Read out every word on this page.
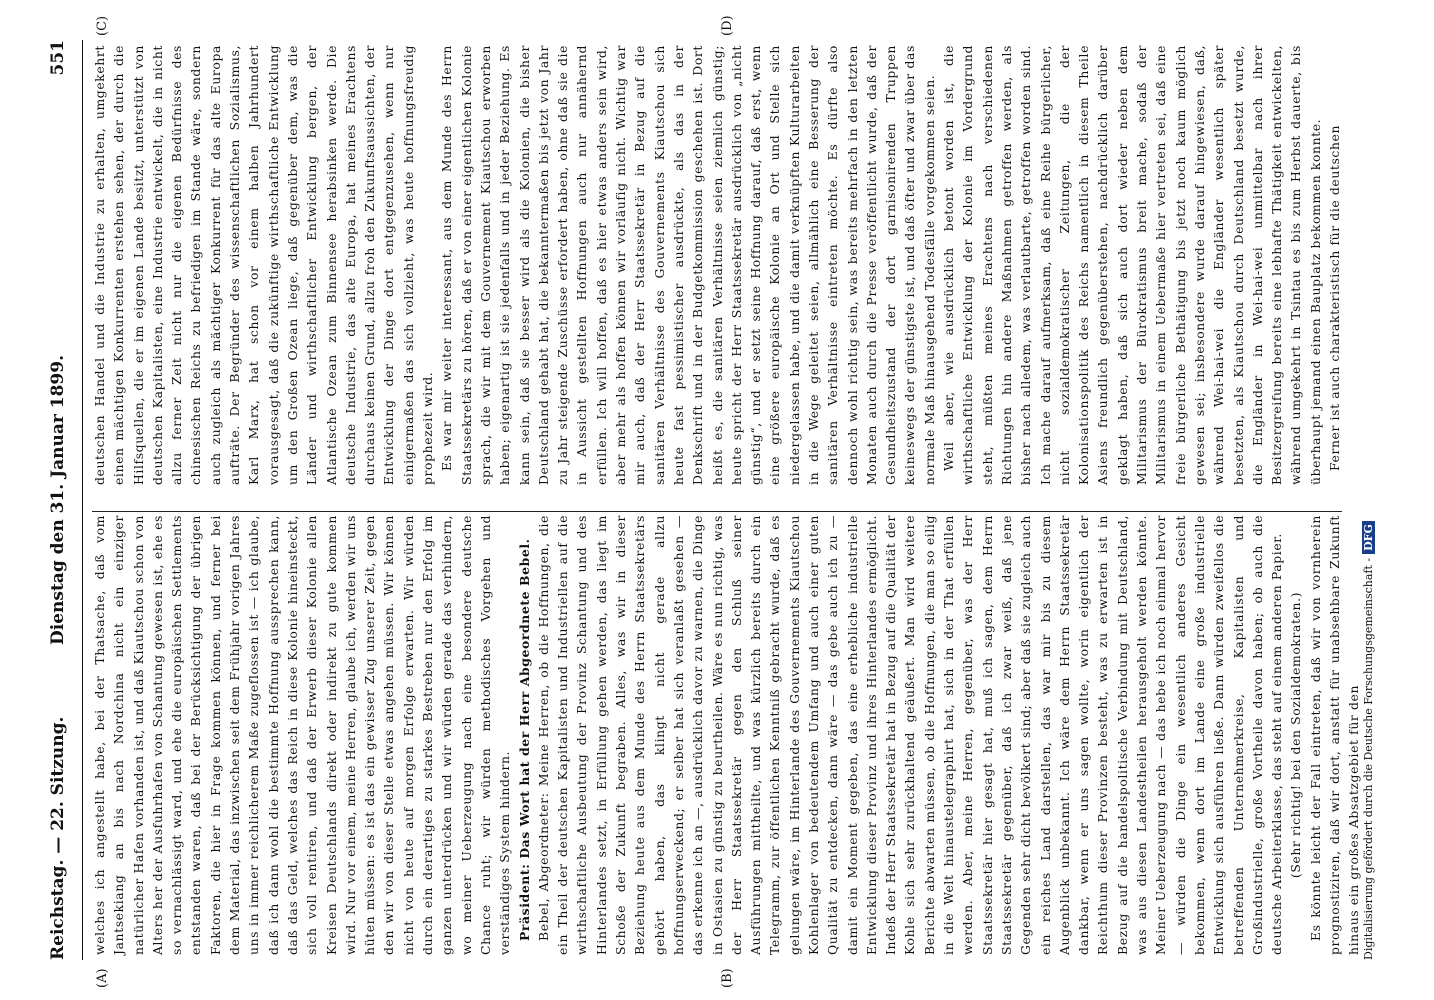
Reichstag. — 22. Sitzung.
Dienstag den 31. Januar 1899.
551
(A)	(B)
(C)	(D)

welches ich angestellt habe, bei der Thatsache, daß vom Jantsekiang an bis nach Nordchina nicht ein einziger natürlicher Hafen vorhanden ist, und daß Kiautschou schon von Alters her der Ausfuhrhafen von Schantung gewesen ist, ehe es so vernachlässigt ward, und ehe die europäischen Settlements entstanden waren, daß bei der Berücksichtigung der übrigen Faktoren, die hier in Frage kommen können, und ferner bei dem Material, das inzwischen seit dem Frühjahr vorigen Jahres uns in immer reichlicherem Maße zugeflossen ist — ich glaube, daß ich dann wohl die bestimmte Hoffnung aussprechen kann, daß das Geld, welches das Reich in diese Kolonie hineinsteckt, sich voll rentiren, und daß der Erwerb dieser Kolonie allen Kreisen Deutschlands direkt oder indirekt zu gute kommen wird. Nur vor einem, meine Herren, glaube ich, werden wir uns hüten müssen: es ist das ein gewisser Zug unserer Zeit, gegen den wir von dieser Stelle etwas angehen müssen. Wir können nicht von heute auf morgen Erfolge erwarten. Wir würden durch ein derartiges zu starkes Bestreben nur den Erfolg im ganzen unterdrücken und wir würden gerade das verhindern, wo meiner Ueberzeugung nach eine besondere deutsche Chance ruht; wir würden methodisches Vorgehen und verständiges System hindern. Präsident: Das Wort hat der Herr Abgeordnete Bebel. Bebel, Abgeordneter: Meine Herren, ob die Hoffnungen, die ein Theil der deutschen Kapitalisten und Industriellen auf die wirthschaftliche Ausbeutung der Provinz Schantung und des Hinterlandes setzt, in Erfüllung gehen werden, das liegt im Schoße der Zukunft begraben. Alles, was wir in dieser Beziehung heute aus dem Munde des Herrn Staatssekretärs gehört haben, das klingt nicht gerade allzu hoffnungserweckend; er selber hat sich veranlaßt gesehen — das erkenne ich an —, ausdrücklich davor zu warnen, die Dinge in Ostasien zu günstig zu beurtheilen. Wäre es nun richtig, was der Herr Staatssekretär gegen den Schluß seiner Ausführungen mittheilte, und was kürzlich bereits durch ein Telegramm, zur öffentlichen Kenntniß gebracht wurde, daß es gelungen wäre, im Hinterlande des Gouvernements Kiautschou Kohlenlager von bedeutendem Umfang und auch einer guten Qualität zu entdecken, dann wäre — das gebe auch ich zu — damit ein Moment gegeben, das eine erhebliche industrielle Entwicklung dieser Provinz und ihres Hinterlandes ermöglicht. Indeß der Herr Staatssekretär hat in Bezug auf die Qualität der Kohle sich sehr zurückhaltend geäußert. Man wird weitere Berichte abwarten müssen, ob die Hoffnungen, die man so eilig in die Welt hinaustelegraphirt hat, sich in der That erfüllen werden. Aber, meine Herren, gegenüber, was der Herr Staatssekretär hier gesagt hat, muß ich sagen, dem Herrn Staatssekretär gegenüber, daß ich zwar weiß, daß jene Gegenden sehr dicht bevölkert sind; aber daß sie zugleich auch ein reiches Land darstellen, das war mir bis zu diesem Augenblick unbekannt. Ich wäre dem Herrn Staatssekretär dankbar, wenn er uns sagen wollte, worin eigentlich der Reichthum dieser Provinzen besteht, was zu erwarten ist in Bezug auf die handelspolitische Verbindung mit Deutschland, was aus diesen Landestheilen herausgeholt werden könnte. Meiner Ueberzeugung nach — das hebe ich noch einmal hervor — würden die Dinge ein wesentlich anderes Gesicht bekommen, wenn dort im Lande eine große industrielle Entwicklung sich ausführen ließe. Dann würden zweifellos die betreffenden Unternehmerkreise, Kapitalisten und Großindustrielle, große Vortheile davon haben; ob auch die deutsche Arbeiterklasse, das steht auf einem anderen Papier. (Sehr richtig! bei den Sozialdemokraten.) Es könnte leicht der Fall eintreten, daß wir von vornherein prognostiziren, daß wir dort, anstatt für unabsehbare Zukunft hinaus ein großes Absatzgebiet für den

deutschen Handel und die Industrie zu erhalten, umgekehrt einen mächtigen Konkurrenten erstehen sehen, der durch die Hilfsquellen, die er im eigenen Lande besitzt, unterstützt von deutschen Kapitalisten, eine Industrie entwickelt, die in nicht allzu ferner Zeit nicht nur die eigenen Bedürfnisse des chinesischen Reichs zu befriedigen im Stande wäre, sondern auch zugleich als mächtiger Konkurrent für das alte Europa aufträte. Der Begründer des wissenschaftlichen Sozialismus, Karl Marx, hat schon vor einem halben Jahrhundert vorausgesagt, daß die zukünftige wirthschaftliche Entwicklung um den Großen Ozean liege, daß gegenüber dem, was die Länder und wirthschaftlicher Entwicklung bergen, der Atlantische Ozean zum Binnensee herabsinken werde. Die deutsche Industrie, das alte Europa, hat meines Erachtens durchaus keinen Grund, allzu froh den Zukunftsaussichten, der Entwicklung der Dinge dort entgegenzusehen, wenn nur einigermaßen das sich vollzieht, was heute hoffnungsfreudig prophezeit wird. Es war mir weiter interessant, aus dem Munde des Herrn Staatssekretärs zu hören, daß er von einer eigentlichen Kolonie sprach, die wir mit dem Gouvernement Kiautschou erworben haben; eigenartig ist sie jedenfalls und in jeder Beziehung. Es kann sein, daß sie besser wird als die Kolonien, die bisher Deutschland gehabt hat, die bekanntermaßen bis jetzt von Jahr zu Jahr steigende Zuschüsse erfordert haben, ohne daß sie die in Aussicht gestellten Hoffnungen auch nur annähernd erfüllen. Ich will hoffen, daß es hier etwas anders sein wird, aber mehr als hoffen können wir vorläufig nicht. Wichtig war mir auch, daß der Herr Staatssekretär in Bezug auf die sanitären Verhältnisse des Gouvernements Kiautschou sich heute fast pessimistischer ausdrückte, als das in der Denkschrift und in der Budgetkommission geschehen ist. Dort heißt es, die sanitären Verhältnisse seien ziemlich günstig; heute spricht der Herr Staatssekretär ausdrücklich von „nicht günstig“, und er setzt seine Hoffnung darauf, daß erst, wenn eine größere europäische Kolonie an Ort und Stelle sich niedergelassen habe, und die damit verknüpften Kulturarbeiten in die Wege geleitet seien, allmählich eine Besserung der sanitären Verhältnisse eintreten möchte. Es dürfte also dennoch wohl richtig sein, was bereits mehrfach in den letzten Monaten auch durch die Presse veröffentlicht wurde, daß der Gesundheitszustand der dort garnisonirenden Truppen keineswegs der günstigste ist, und daß öfter und zwar über das normale Maß hinausgehend Todesfälle vorgekommen seien. Weil aber, wie ausdrücklich betont worden ist, die wirthschaftliche Entwicklung der Kolonie im Vordergrund steht, müßten meines Erachtens nach verschiedenen Richtungen hin andere Maßnahmen getroffen werden, als bisher nach alledem, was verlautbarte, getroffen worden sind. Ich mache darauf aufmerksam, daß eine Reihe bürgerlicher, nicht sozialdemokratischer Zeitungen, die der Kolonisationspolitik des Reichs namentlich in diesem Theile Asiens freundlich gegenüberstehen, nachdrücklich darüber geklagt haben, daß sich auch dort wieder neben dem Militarismus der Bürokratismus breit mache, sodaß der Militarismus in einem Uebermaße hier vertreten sei, daß eine freie bürgerliche Bethätigung bis jetzt noch kaum möglich gewesen sei; insbesondere wurde darauf hingewiesen, daß, während Wei-hai-wei die Engländer wesentlich später besetzten, als Kiautschou durch Deutschland besetzt wurde, die Engländer in Wei-hai-wei unmittelbar nach ihrer Besitzergreifung bereits eine lebhafte Thätigkeit entwickelten, während umgekehrt in Tsintau es bis zum Herbst dauerte, bis überhaupt jemand einen Bauplatz bekommen konnte. Ferner ist auch charakteristisch für die deutschen

Digitalisierung gefördert durch die Deutsche Forschungsgemeinschaft -DFG
